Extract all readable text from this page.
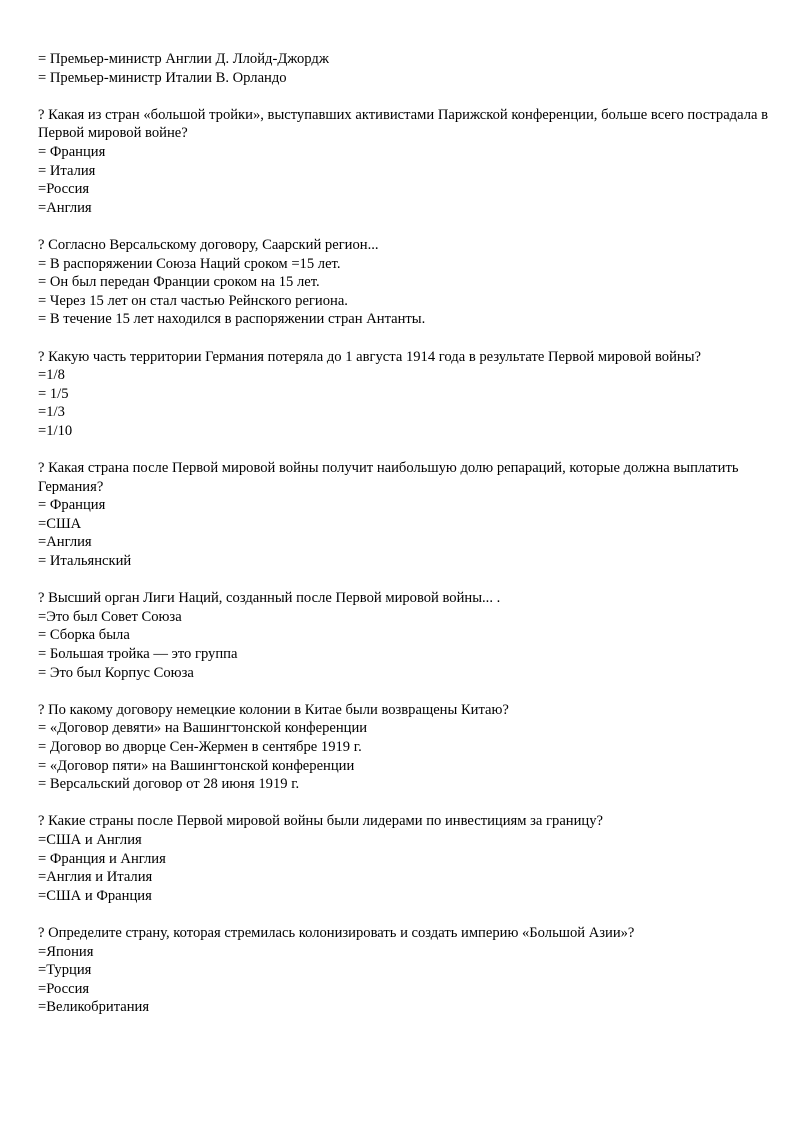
= Премьер-министр Англии Д. Ллойд-Джордж

= Премьер-министр Италии В. Орландо

? Какая из стран «большой тройки», выступавших активистами Парижской конференции, больше всего пострадала в Первой мировой войне?

= Франция

= Италия

=Россия

=Англия

? Согласно Версальскому договору, Саарский регион...

= В распоряжении Союза Наций сроком =15 лет.

= Он был передан Франции сроком на 15 лет.

= Через 15 лет он стал частью Рейнского региона.

= В течение 15 лет находился в распоряжении стран Антанты.

? Какую часть территории Германия потеряла до 1 августа 1914 года в результате Первой мировой войны?

=1/8

= 1/5

=1/3

=1/10

? Какая страна после Первой мировой войны получит наибольшую долю репараций, которые должна выплатить Германия?

= Франция

=США

=Англия

= Итальянский

? Высший орган Лиги Наций, созданный после Первой мировой войны... .

=Это был Совет Союза

= Сборка была

= Большая тройка — это группа

= Это был Корпус Союза

? По какому договору немецкие колонии в Китае были возвращены Китаю?

= «Договор девяти» на Вашингтонской конференции

= Договор во дворце Сен-Жермен в сентябре 1919 г.

= «Договор пяти» на Вашингтонской конференции

= Версальский договор от 28 июня 1919 г.

? Какие страны после Первой мировой войны были лидерами по инвестициям за границу?

=США и Англия

= Франция и Англия

=Англия и Италия

=США и Франция

? Определите страну, которая стремилась колонизировать и создать империю «Большой Азии»?

=Япония

=Турция

=Россия

=Великобритания
